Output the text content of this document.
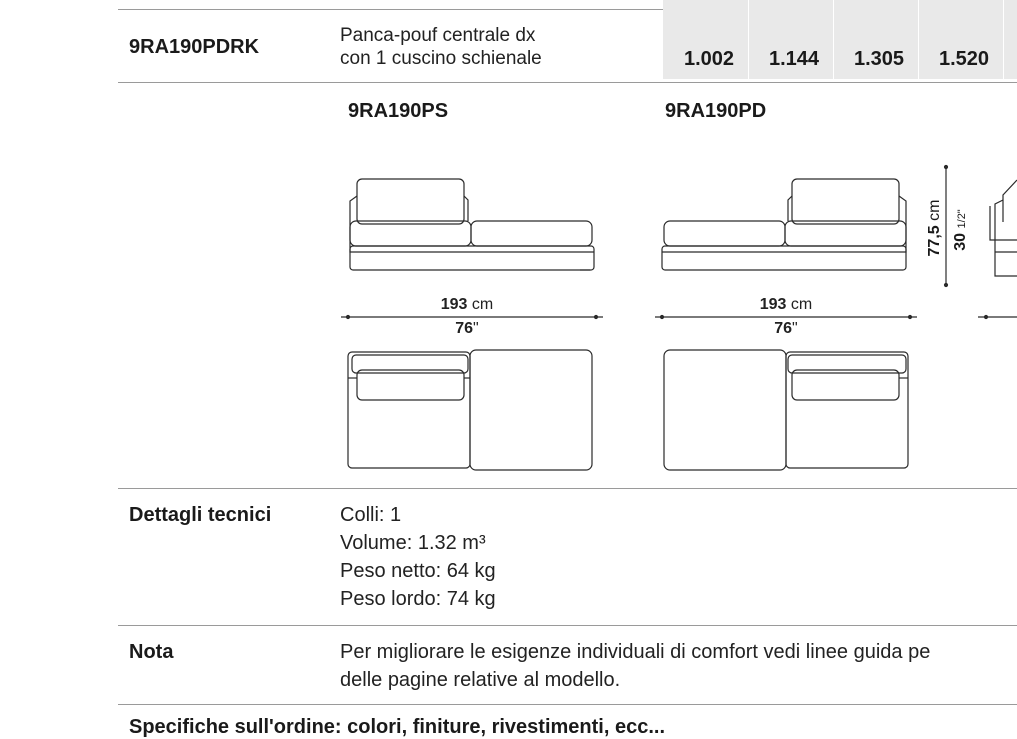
9RA190PDRK
Panca-pouf centrale dx
con 1 cuscino schienale	1.002 1.144 1.305 1.520
9RA190PS	9RA190PD
193 cm
76"
193 cm
76"
77,5 cm
30 1/2"
Dettagli tecnici	Colli: 1
Volume: 1.32 m³
Peso netto: 64 kg
Peso lordo: 74 kg
Nota	Per migliorare le esigenze individuali di comfort vedi linee guida pe
delle pagine relative al modello.
Specifiche sull'ordine: colori, finiture, rivestimenti, ecc...
